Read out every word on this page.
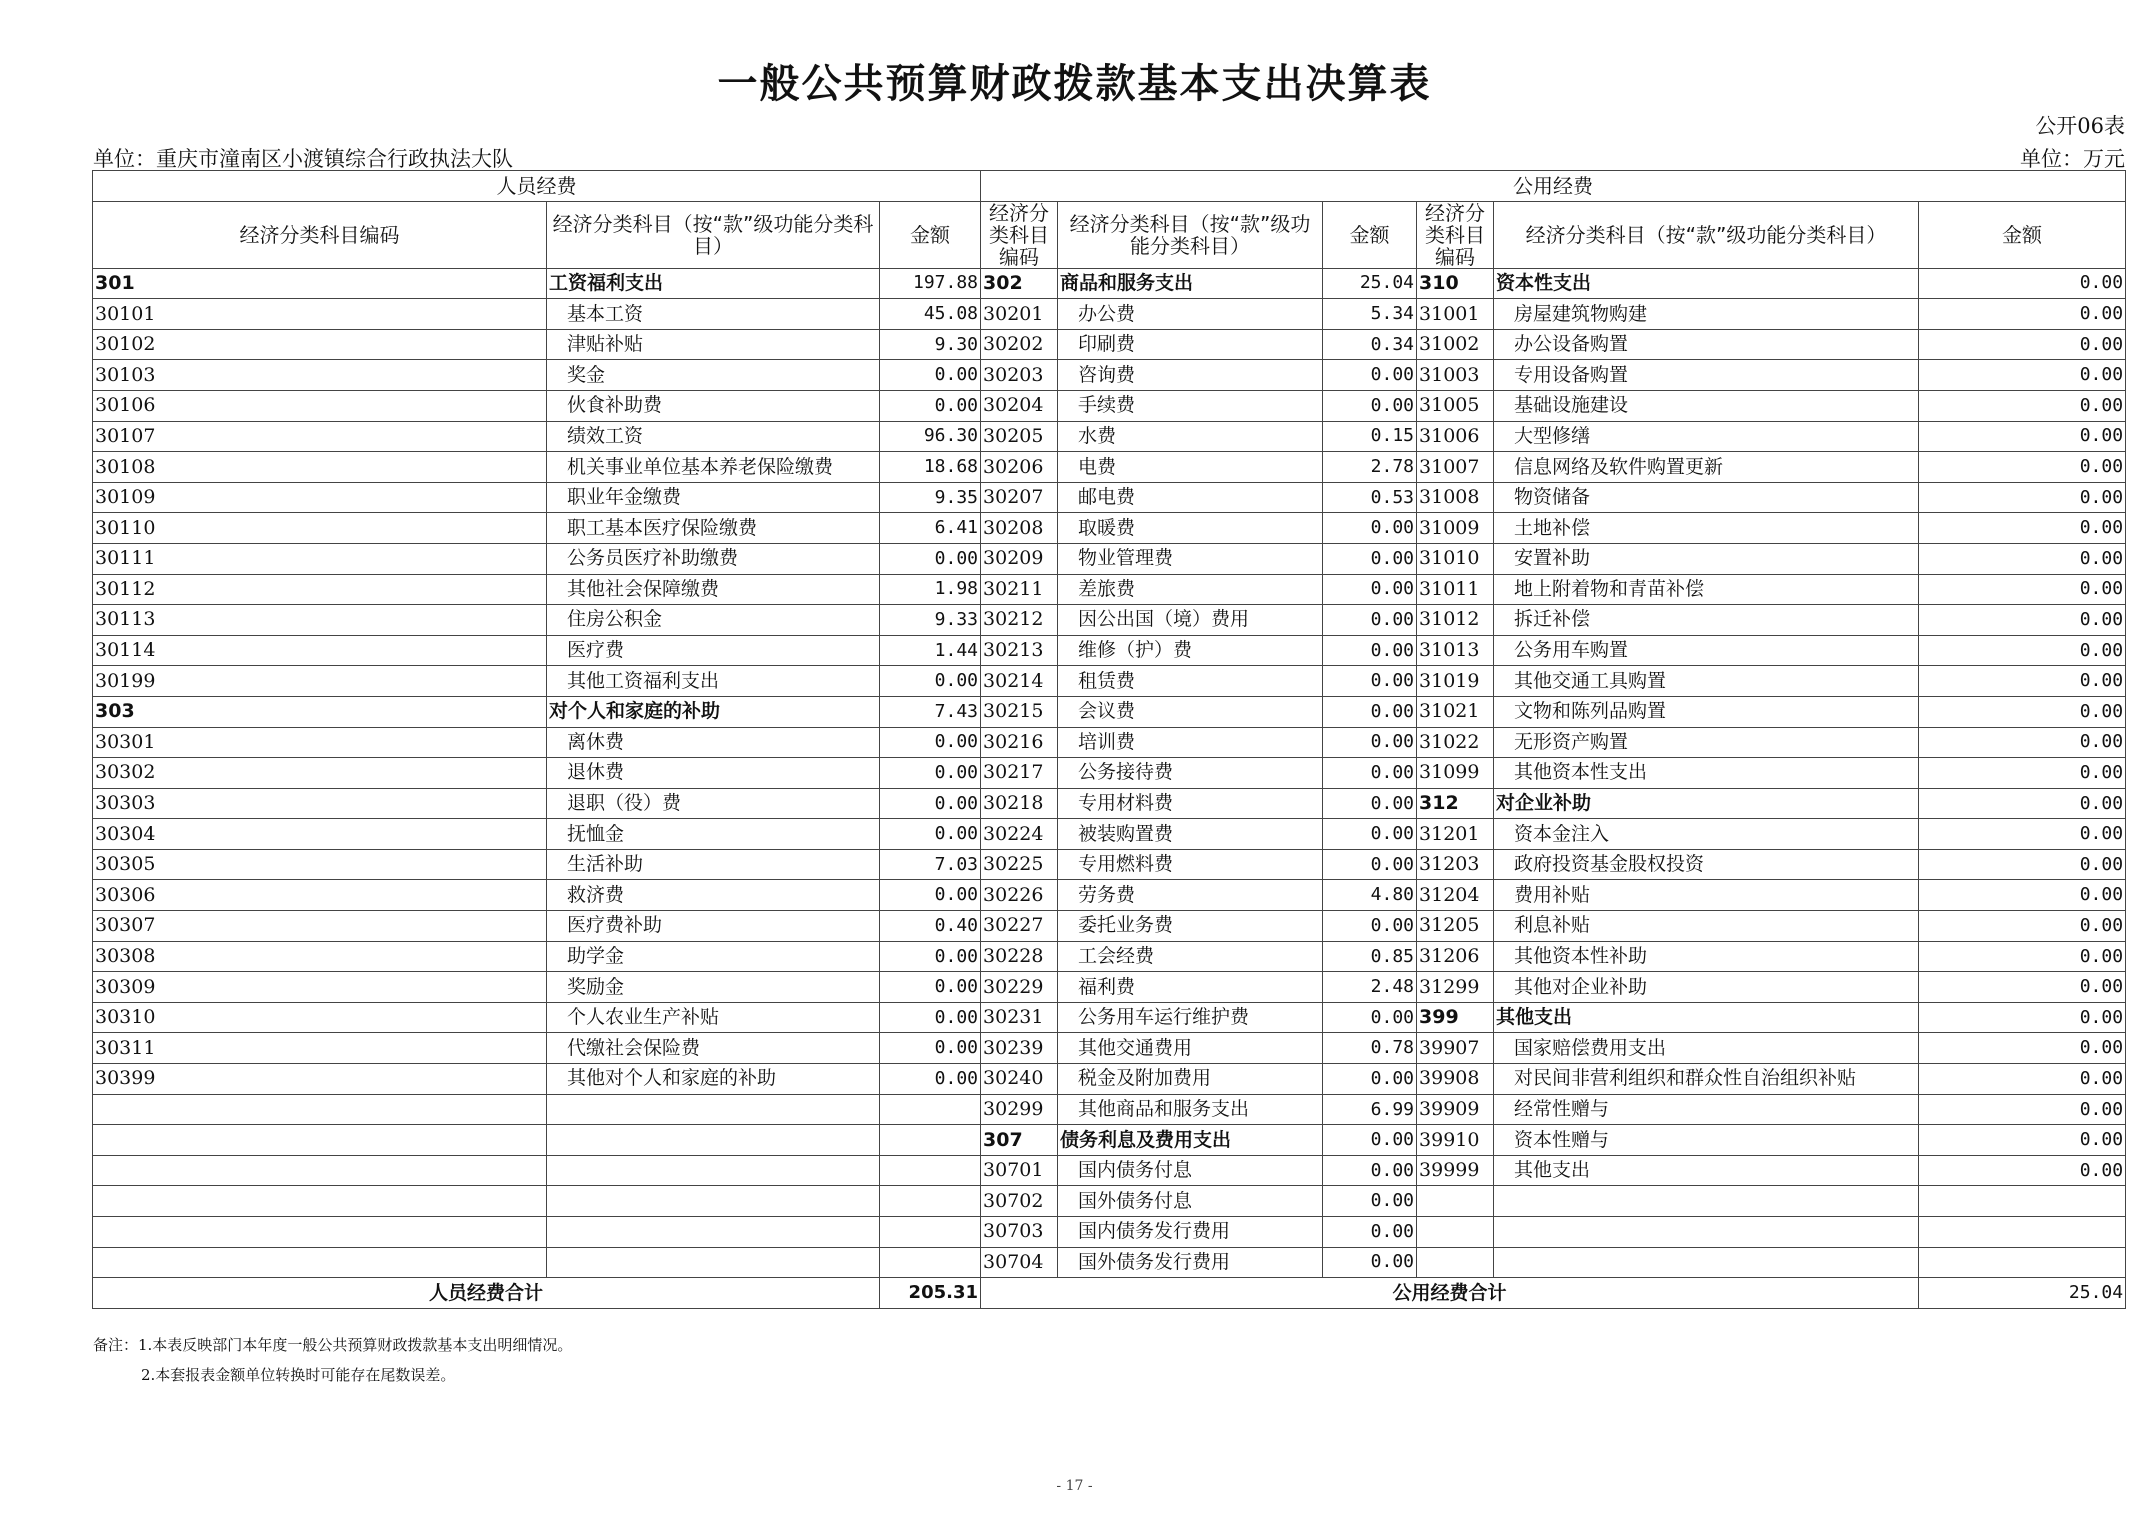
一般公共预算财政拨款基本支出决算表
公开06表
单位：重庆市潼南区小渡镇综合行政执法大队	单位：万元
人员经费			公用经费					
经济分类科目编码	经济分类科目（按“款”级功能分类科目）	金额	经济分类科目编码	经济分类科目（按“款”级功能分类科目）	金额	经济分类科目编码	经济分类科目（按“款”级功能分类科目）	金额
301	工资福利支出	197.88	302	商品和服务支出	25.04	310	资本性支出	0.00
30101	基本工资	45.08	30201	办公费	5.34	31001	房屋建筑物购建	0.00
30102	津贴补贴	9.30	30202	印刷费	0.34	31002	办公设备购置	0.00
30103	奖金	0.00	30203	咨询费	0.00	31003	专用设备购置	0.00
30106	伙食补助费	0.00	30204	手续费	0.00	31005	基础设施建设	0.00
30107	绩效工资	96.30	30205	水费	0.15	31006	大型修缮	0.00
30108	机关事业单位基本养老保险缴费	18.68	30206	电费	2.78	31007	信息网络及软件购置更新	0.00
30109	职业年金缴费	9.35	30207	邮电费	0.53	31008	物资储备	0.00
30110	职工基本医疗保险缴费	6.41	30208	取暖费	0.00	31009	土地补偿	0.00
30111	公务员医疗补助缴费	0.00	30209	物业管理费	0.00	31010	安置补助	0.00
30112	其他社会保障缴费	1.98	30211	差旅费	0.00	31011	地上附着物和青苗补偿	0.00
30113	住房公积金	9.33	30212	因公出国（境）费用	0.00	31012	拆迁补偿	0.00
30114	医疗费	1.44	30213	维修（护）费	0.00	31013	公务用车购置	0.00
30199	其他工资福利支出	0.00	30214	租赁费	0.00	31019	其他交通工具购置	0.00
303	对个人和家庭的补助	7.43	30215	会议费	0.00	31021	文物和陈列品购置	0.00
30301	离休费	0.00	30216	培训费	0.00	31022	无形资产购置	0.00
30302	退休费	0.00	30217	公务接待费	0.00	31099	其他资本性支出	0.00
30303	退职（役）费	0.00	30218	专用材料费	0.00	312	对企业补助	0.00
30304	抚恤金	0.00	30224	被装购置费	0.00	31201	资本金注入	0.00
30305	生活补助	7.03	30225	专用燃料费	0.00	31203	政府投资基金股权投资	0.00
30306	救济费	0.00	30226	劳务费	4.80	31204	费用补贴	0.00
30307	医疗费补助	0.40	30227	委托业务费	0.00	31205	利息补贴	0.00
30308	助学金	0.00	30228	工会经费	0.85	31206	其他资本性补助	0.00
30309	奖励金	0.00	30229	福利费	2.48	31299	其他对企业补助	0.00
30310	个人农业生产补贴	0.00	30231	公务用车运行维护费	0.00	399	其他支出	0.00
30311	代缴社会保险费	0.00	30239	其他交通费用	0.78	39907	国家赔偿费用支出	0.00
30399	其他对个人和家庭的补助	0.00	30240	税金及附加费用	0.00	39908	对民间非营利组织和群众性自治组织补贴	0.00
			30299	其他商品和服务支出	6.99	39909	经常性赠与	0.00
			307	债务利息及费用支出	0.00	39910	资本性赠与	0.00
			30701	国内债务付息	0.00	39999	其他支出	0.00
			30702	国外债务付息	0.00			
			30703	国内债务发行费用	0.00			
			30704	国外债务发行费用	0.00			
人员经费合计		205.31	公用经费合计					25.04
备注：1.本表反映部门本年度一般公共预算财政拨款基本支出明细情况。
2.本套报表金额单位转换时可能存在尾数误差。
- 17 -
